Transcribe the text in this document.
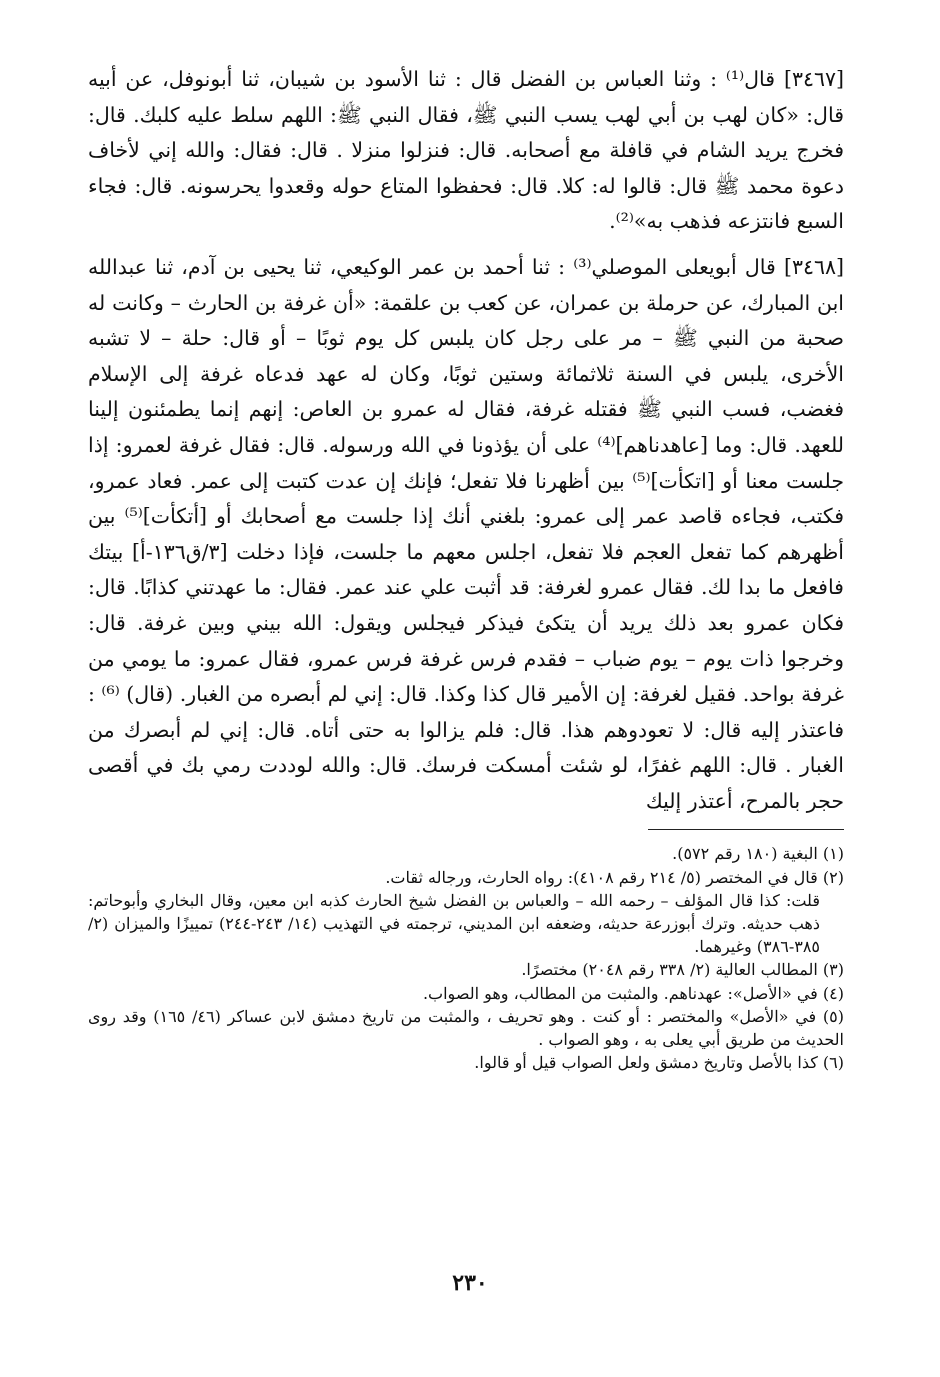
[٣٤٦٧] قال⁽¹⁾ : وثنا العباس بن الفضل قال : ثنا الأسود بن شيبان، ثنا أبونوفل، عن أبيه قال: «كان لهب بن أبي لهب يسب النبي ﷺ، فقال النبي ﷺ: اللهم سلط عليه كلبك. قال: فخرج يريد الشام في قافلة مع أصحابه. قال: فنزلوا منزلا . قال: فقال: والله إني لأخاف دعوة محمد ﷺ قال: قالوا له: كلا. قال: فحفظوا المتاع حوله وقعدوا يحرسونه. قال: فجاء السبع فانتزعه فذهب به»⁽²⁾.

[٣٤٦٨] قال أبويعلى الموصلي⁽³⁾ : ثنا أحمد بن عمر الوكيعي، ثنا يحيى بن آدم، ثنا عبدالله ابن المبارك، عن حرملة بن عمران، عن كعب بن علقمة: «أن غرفة بن الحارث – وكانت له صحبة من النبي ﷺ – مر على رجل كان يلبس كل يوم ثوبًا – أو قال: حلة – لا تشبه الأخرى، يلبس في السنة ثلاثمائة وستين ثوبًا، وكان له عهد فدعاه غرفة إلى الإسلام فغضب، فسب النبي ﷺ فقتله غرفة، فقال له عمرو بن العاص: إنهم إنما يطمئنون إلينا للعهد. قال: وما [عاهدناهم]⁽⁴⁾ على أن يؤذونا في الله ورسوله. قال: فقال غرفة لعمرو: إذا جلست معنا أو [اتكأت]⁽⁵⁾ بين أظهرنا فلا تفعل؛ فإنك إن عدت كتبت إلى عمر. فعاد عمرو، فكتب، فجاءه قاصد عمر إلى عمرو: بلغني أنك إذا جلست مع أصحابك أو [أتكأت]⁽⁵⁾ بين أظهرهم كما تفعل العجم فلا تفعل، اجلس معهم ما جلست، فإذا دخلت [٣/ق١٣٦-أ] بيتك فافعل ما بدا لك. فقال عمرو لغرفة: قد أثبت علي عند عمر. فقال: ما عهدتني كذابًا. قال: فكان عمرو بعد ذلك يريد أن يتكئ فيذكر فيجلس ويقول: الله بيني وبين غرفة. قال: وخرجوا ذات يوم – يوم ضباب – فقدم فرس غرفة فرس عمرو، فقال عمرو: ما يومي من غرفة بواحد. فقيل لغرفة: إن الأمير قال كذا وكذا. قال: إني لم أبصره من الغبار. (قال) ⁽⁶⁾ : فاعتذر إليه قال: لا تعودوهم هذا. قال: فلم يزالوا به حتى أتاه. قال: إني لم أبصرك من الغبار . قال: اللهم غفرًا، لو شئت أمسكت فرسك. قال: والله لوددت رمي بك في أقصى حجر بالمرح، أعتذر إليك

(١) البغية (١٨٠ رقم ٥٧٢).

(٢) قال في المختصر (٥/ ٢١٤ رقم ٤١٠٨): رواه الحارث، ورجاله ثقات.

قلت: كذا قال المؤلف – رحمه الله – والعباس بن الفضل شيخ الحارث كذبه ابن معين، وقال البخاري وأبوحاتم: ذهب حديثه. وترك أبوزرعة حديثه، وضعفه ابن المديني، ترجمته في التهذيب (١٤/ ٢٤٣-٢٤٤) تمييزًا والميزان (٢/ ٣٨٥-٣٨٦) وغيرهما.

(٣) المطالب العالية (٢/ ٣٣٨ رقم ٢٠٤٨) مختصرًا.

(٤) في «الأصل»: عهدناهم. والمثبت من المطالب، وهو الصواب.

(٥) في «الأصل» والمختصر : أو كنت . وهو تحريف ، والمثبت من تاريخ دمشق لابن عساكر (٤٦/ ١٦٥) وقد روى الحديث من طريق أبي يعلى به ، وهو الصواب .

(٦) كذا بالأصل وتاريخ دمشق ولعل الصواب قيل أو قالوا.

٢٣٠
